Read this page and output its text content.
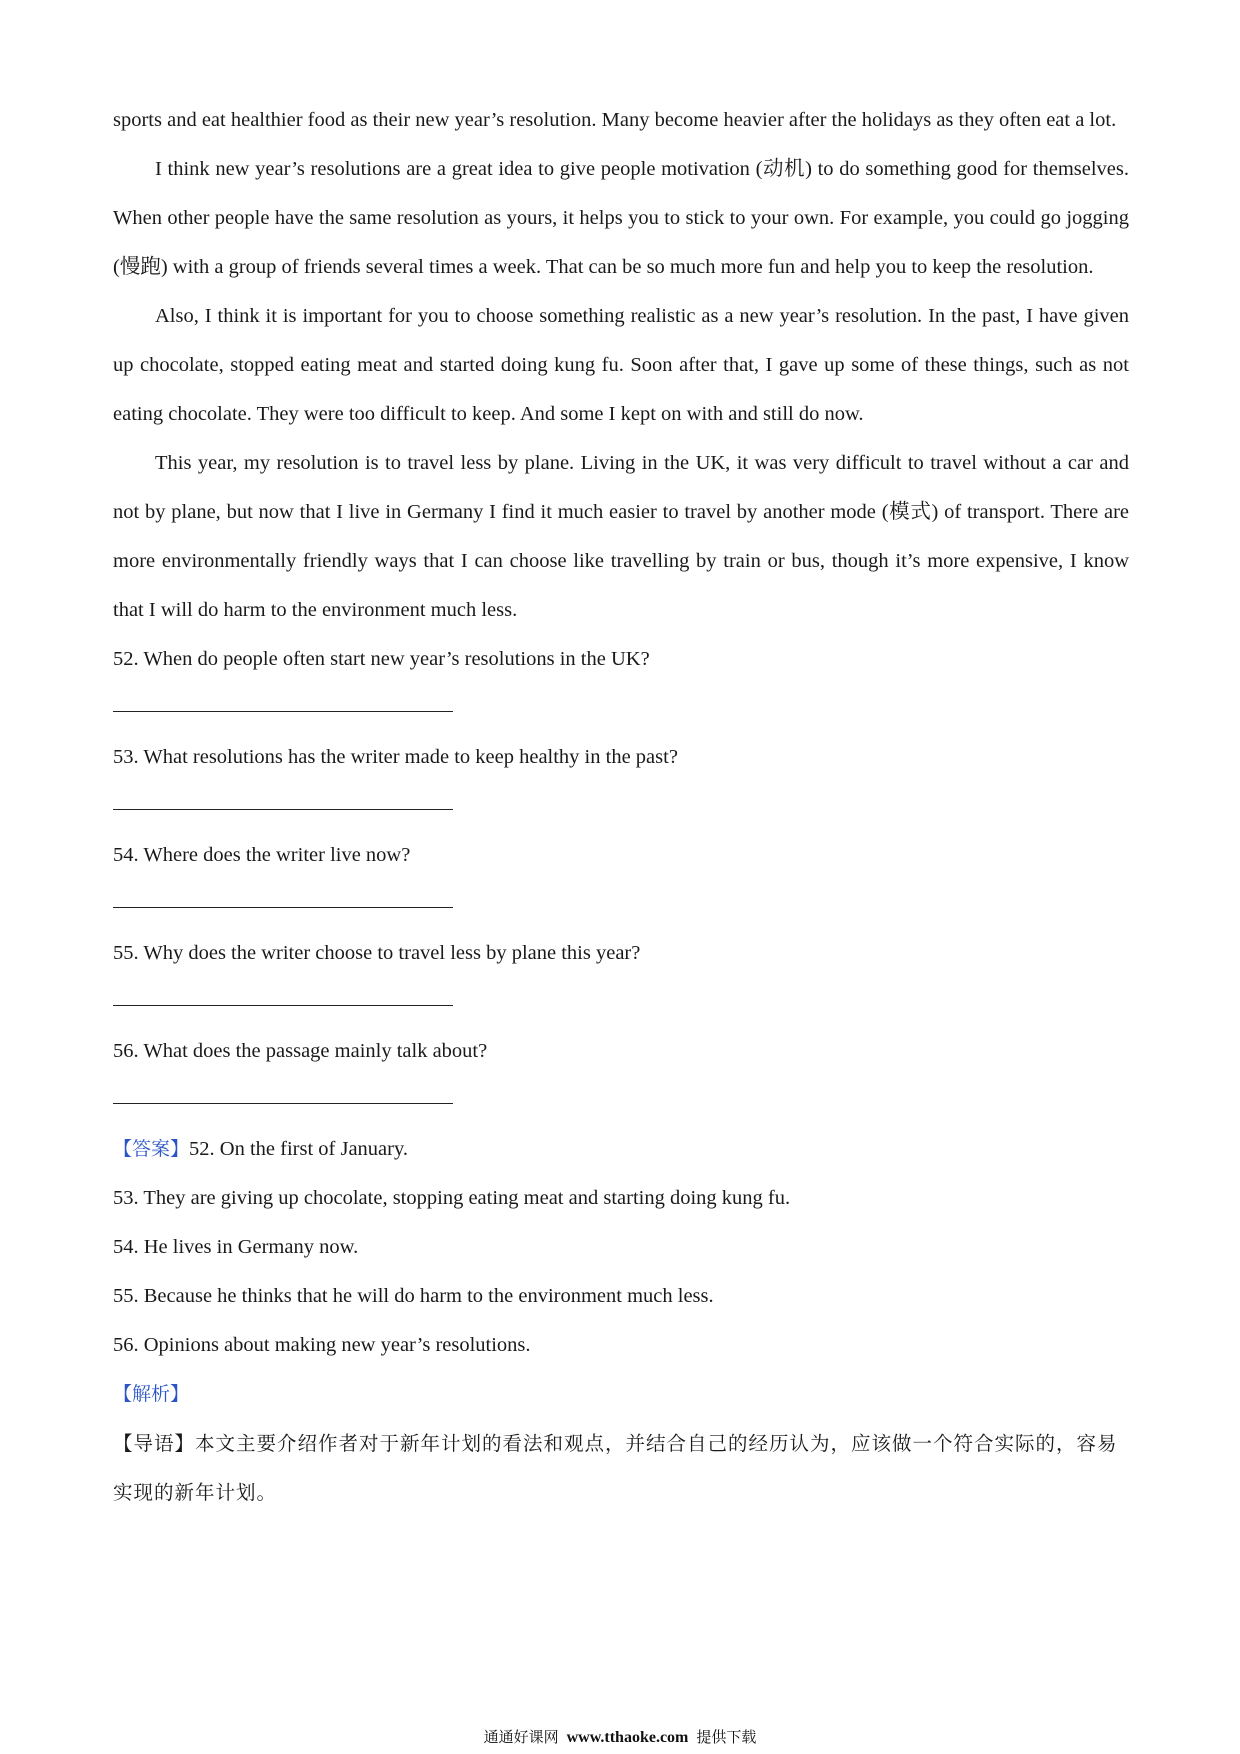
sports and eat healthier food as their new year’s resolution. Many become heavier after the holidays as they often eat a lot.

I think new year’s resolutions are a great idea to give people motivation (动机) to do something good for themselves. When other people have the same resolution as yours, it helps you to stick to your own. For example, you could go jogging (慢跑) with a group of friends several times a week. That can be so much more fun and help you to keep the resolution.

Also, I think it is important for you to choose something realistic as a new year’s resolution. In the past, I have given up chocolate, stopped eating meat and started doing kung fu. Soon after that, I gave up some of these things, such as not eating chocolate. They were too difficult to keep. And some I kept on with and still do now.

This year, my resolution is to travel less by plane. Living in the UK, it was very difficult to travel without a car and not by plane, but now that I live in Germany I find it much easier to travel by another mode (模式) of transport. There are more environmentally friendly ways that I can choose like travelling by train or bus, though it’s more expensive, I know that I will do harm to the environment much less.

52. When do people often start new year’s resolutions in the UK?

53. What resolutions has the writer made to keep healthy in the past?

54. Where does the writer live now?

55. Why does the writer choose to travel less by plane this year?

56. What does the passage mainly talk about?

【答案】52. On the first of January.

53. They are giving up chocolate, stopping eating meat and starting doing kung fu.

54. He lives in Germany now.

55. Because he thinks that he will do harm to the environment much less.

56. Opinions about making new year’s resolutions.

【解析】

【导语】本文主要介绍作者对于新年计划的看法和观点，并结合自己的经历认为，应该做一个符合实际的，容易实现的新年计划。

通通好课网 www.tthaoke.com 提供下载
